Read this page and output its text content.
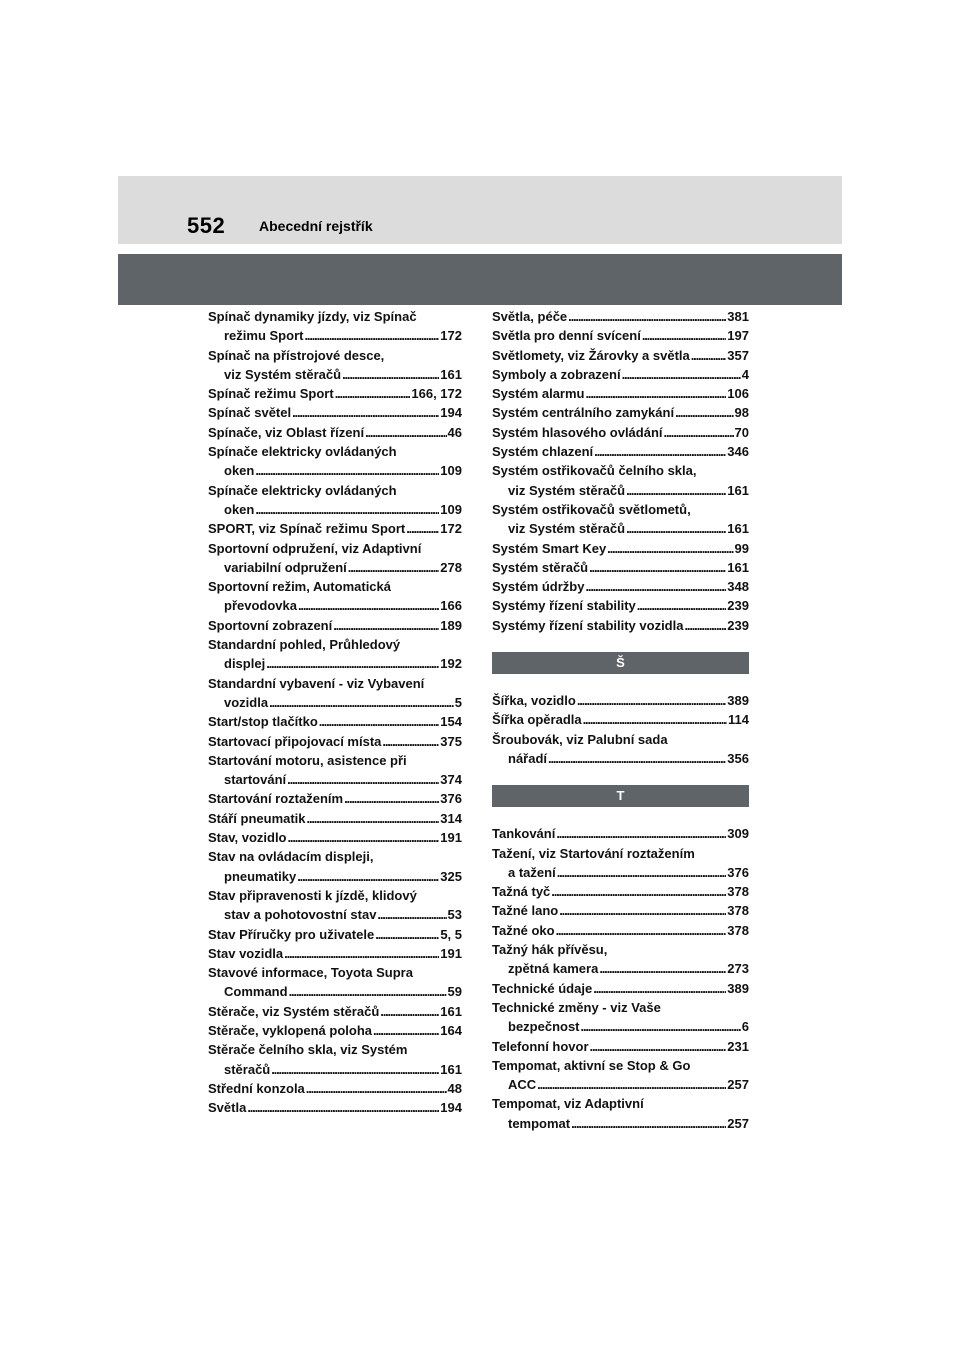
552 Abecední rejstřík
Spínač dynamiky jízdy, viz Spínač
režimu Sport . . .	172
Spínač na přístrojové desce,
viz Systém stěračů . . .	161
Spínač režimu Sport . . .	166, 172
Spínač světel . . .	194
Spínače, viz Oblast řízení . . .	46
Spínače elektricky ovládaných
oken . . .	109
Spínače elektricky ovládaných
oken . . .	109
SPORT, viz Spínač režimu Sport . . .	172
Sportovní odpružení, viz Adaptivní
variabilní odpružení . . .	278
Sportovní režim, Automatická
převodovka . . .	166
Sportovní zobrazení . . .	189
Standardní pohled, Průhledový
displej . . .	192
Standardní vybavení - viz Vybavení
vozidla . . .	5
Start/stop tlačítko . . .	154
Startovací připojovací místa . . .	375
Startování motoru, asistence při
startování . . .	374
Startování roztažením . . .	376
Stáří pneumatik . . .	314
Stav, vozidlo . . .	191
Stav na ovládacím displeji,
pneumatiky . . .	325
Stav připravenosti k jízdě, klidový
stav a pohotovostní stav . . .	53
Stav Příručky pro uživatele . . .	5, 5
Stav vozidla . . .	191
Stavové informace, Toyota Supra
Command . . .	59
Stěrače, viz Systém stěračů . . .	161
Stěrače, vyklopená poloha . . .	164
Stěrače čelního skla, viz Systém
stěračů . . .	161
Střední konzola . . .	48
Světla . . .	194
Světla, péče . . .	381
Světla pro denní svícení . . .	197
Světlomety, viz Žárovky a světla . . .	357
Symboly a zobrazení . . .	4
Systém alarmu . . .	106
Systém centrálního zamykání . . .	98
Systém hlasového ovládání . . .	70
Systém chlazení . . .	346
Systém ostřikovačů čelního skla,
viz Systém stěračů . . .	161
Systém ostřikovačů světlometů,
viz Systém stěračů . . .	161
Systém Smart Key . . .	99
Systém stěračů . . .	161
Systém údržby . . .	348
Systémy řízení stability . . .	239
Systémy řízení stability vozidla . . .	239
Š
Šířka, vozidlo . . .	389
Šířka opěradla . . .	114
Šroubovák, viz Palubní sada
nářadí . . .	356
T
Tankování . . .	309
Tažení, viz Startování roztažením
a tažení . . .	376
Tažná tyč . . .	378
Tažné lano . . .	378
Tažné oko . . .	378
Tažný hák přívěsu,
zpětná kamera . . .	273
Technické údaje . . .	389
Technické změny - viz Vaše
bezpečnost . . .	6
Telefonní hovor . . .	231
Tempomat, aktivní se Stop & Go
ACC . . .	257
Tempomat, viz Adaptivní
tempomat . . .	257
